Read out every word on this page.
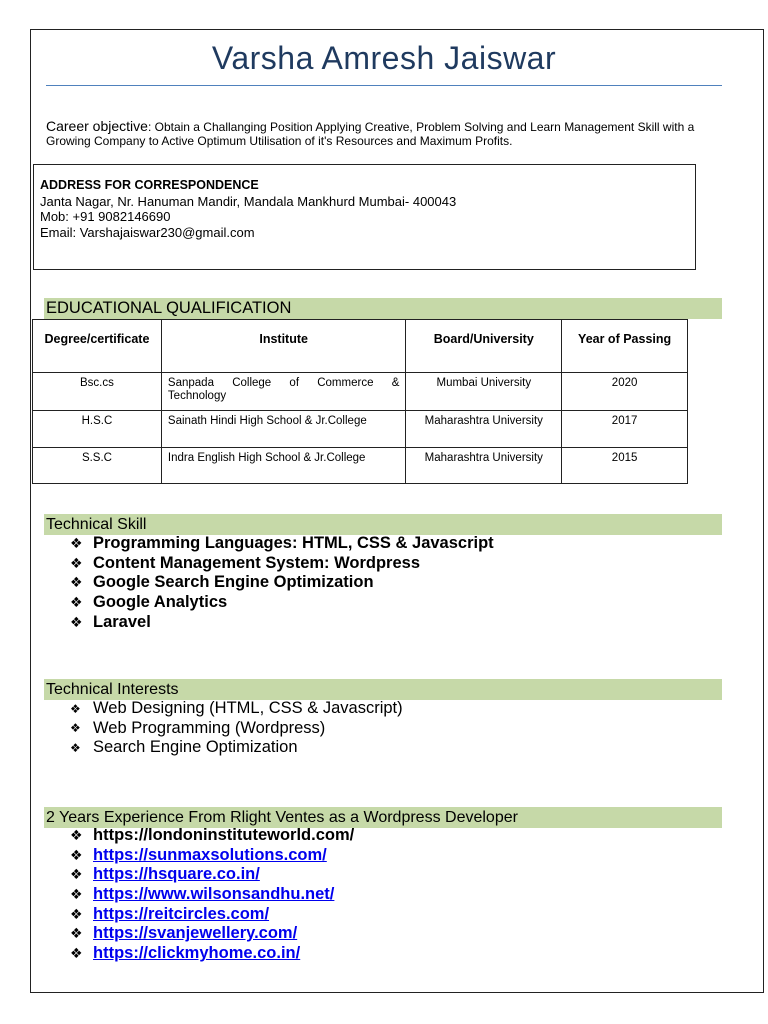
Varsha Amresh Jaiswar
Career objective: Obtain a Challanging Position Applying Creative, Problem Solving and Learn Management Skill with a Growing Company to Active Optimum Utilisation of it's Resources and Maximum Profits.
ADDRESS FOR CORRESPONDENCE
Janta Nagar, Nr. Hanuman Mandir, Mandala Mankhurd Mumbai- 400043
Mob: +91 9082146690
Email: Varshajaiswar230@gmail.com
EDUCATIONAL QUALIFICATION
Degree/certificate	Institute	Board/University	Year of Passing
Bsc.cs	Sanpada College of Commerce & Technology	Mumbai University	2020
H.S.C	Sainath Hindi High School & Jr.College	Maharashtra University	2017
S.S.C	Indra English High School & Jr.College	Maharashtra University	2015
Technical Skill
❖ Programming Languages: HTML, CSS & Javascript
❖ Content Management System: Wordpress
❖ Google Search Engine Optimization
❖ Google Analytics
❖ Laravel
Technical Interests
❖ Web Designing (HTML, CSS & Javascript)
❖ Web Programming (Wordpress)
❖ Search Engine Optimization
2 Years Experience From Rlight Ventes as a Wordpress Developer
❖ https://londoninstituteworld.com/
❖ https://sunmaxsolutions.com/
❖ https://hsquare.co.in/
❖ https://www.wilsonsandhu.net/
❖ https://reitcircles.com/
❖ https://svanjewellery.com/
❖ https://clickmyhome.co.in/
